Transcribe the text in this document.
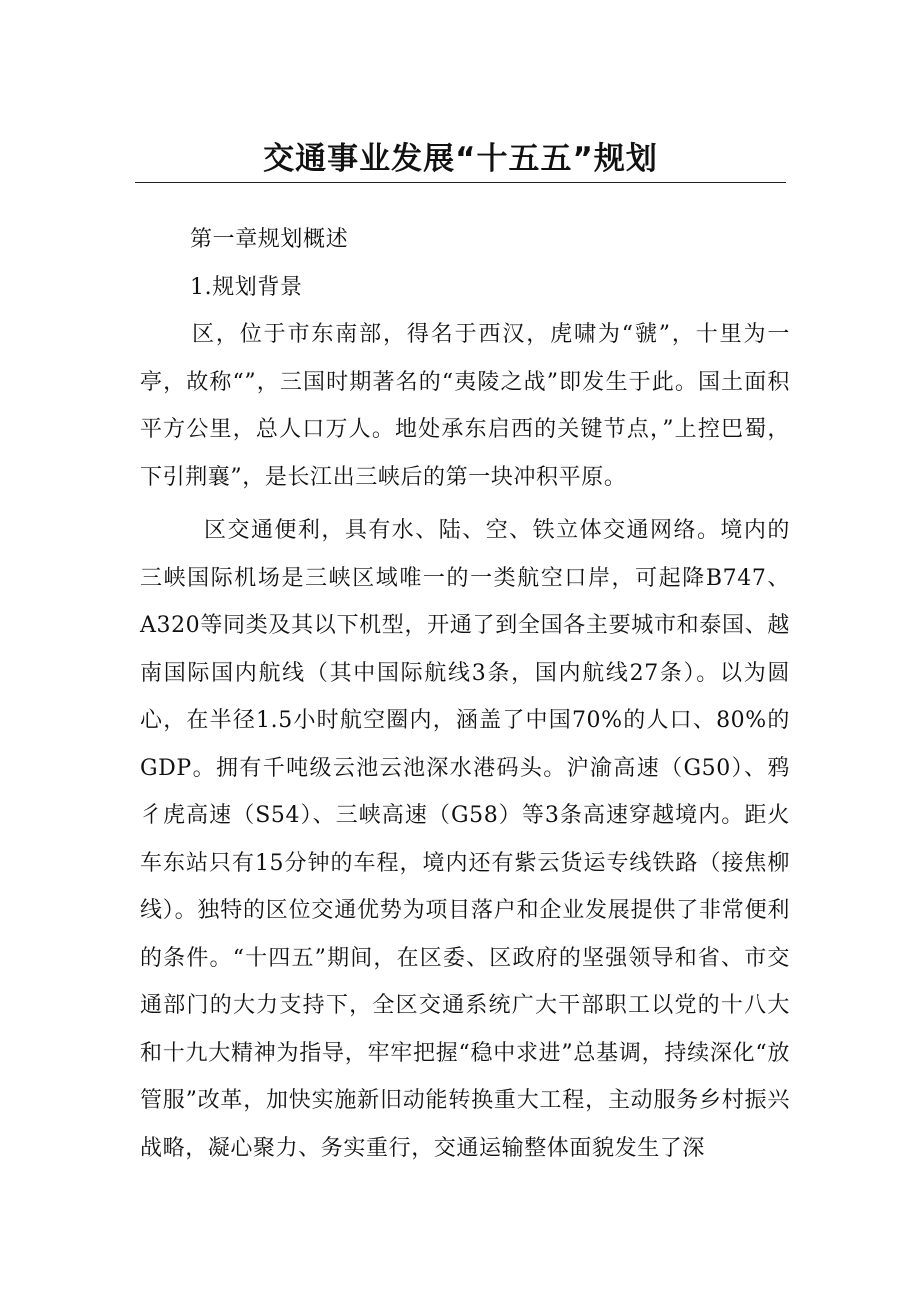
交通事业发展“十五五”规划

第一章规划概述

1.规划背景

区，位于市东南部，得名于西汉，虎啸为“虢”，十里为一亭，故称“”，三国时期著名的“夷陵之战”即发生于此。国土面积平方公里，总人口万人。地处承东启西的关键节点，”上控巴蜀，下引荆襄”，是长江出三峡后的第一块冲积平原。

区交通便利，具有水、陆、空、铁立体交通网络。境内的三峡国际机场是三峡区域唯一的一类航空口岸，可起降B747、A320等同类及其以下机型，开通了到全国各主要城市和泰国、越南国际国内航线（其中国际航线3条，国内航线27条）。以为圆心，在半径1.5小时航空圈内，涵盖了中国70%的人口、80%的GDP。拥有千吨级云池云池深水港码头。沪渝高速（G50）、鸦彳虎高速（S54）、三峡高速（G58）等3条高速穿越境内。距火车东站只有15分钟的车程，境内还有紫云货运专线铁路（接焦柳线）。独特的区位交通优势为项目落户和企业发展提供了非常便利的条件。“十四五”期间，在区委、区政府的坚强领导和省、市交通部门的大力支持下，全区交通系统广大干部职工以党的十八大和十九大精神为指导，牢牢把握“稳中求进”总基调，持续深化“放管服”改革，加快实施新旧动能转换重大工程，主动服务乡村振兴战略，凝心聚力、务实重行，交通运输整体面貌发生了深
